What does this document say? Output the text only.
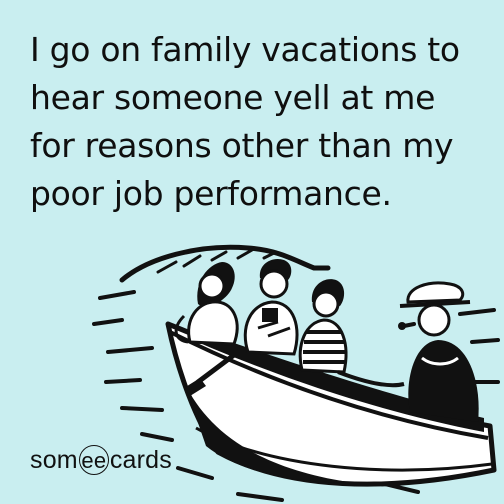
I go on family vacations to hear someone yell at me for reasons other than my poor job performance.

som ee cards
